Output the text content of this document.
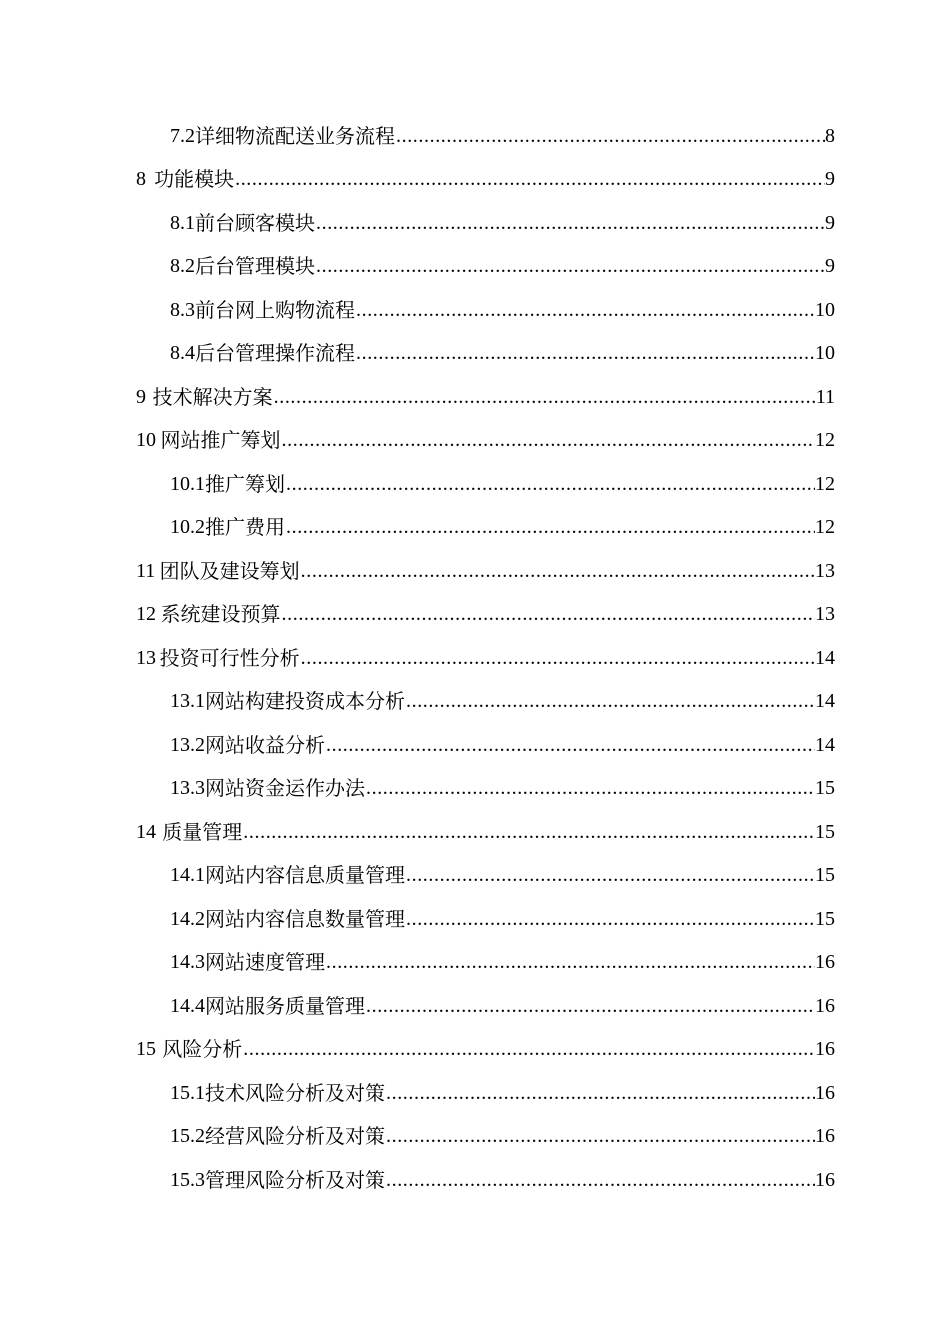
7.2 详细物流配送业务流程 .....	8
8 功能模块 .....	9
8.1 前台顾客模块 .....	9
8.2 后台管理模块 .....	9
8.3 前台网上购物流程 .....	10
8.4 后台管理操作流程 .....	10
9 技术解决方案 .....	11
10 网站推广筹划 .....	12
10.1 推广筹划 .....	12
10.2 推广费用 .....	12
11 团队及建设筹划 .....	13
12 系统建设预算 .....	13
13 投资可行性分析 .....	14
13.1 网站构建投资成本分析 .....	14
13.2 网站收益分析 .....	14
13.3 网站资金运作办法 .....	15
14 质量管理 .....	15
14.1 网站内容信息质量管理 .....	15
14.2 网站内容信息数量管理 .....	15
14.3 网站速度管理 .....	16
14.4 网站服务质量管理 .....	16
15 风险分析 .....	16
15.1 技术风险分析及对策 .....	16
15.2 经营风险分析及对策 .....	16
15.3 管理风险分析及对策 .....	16
